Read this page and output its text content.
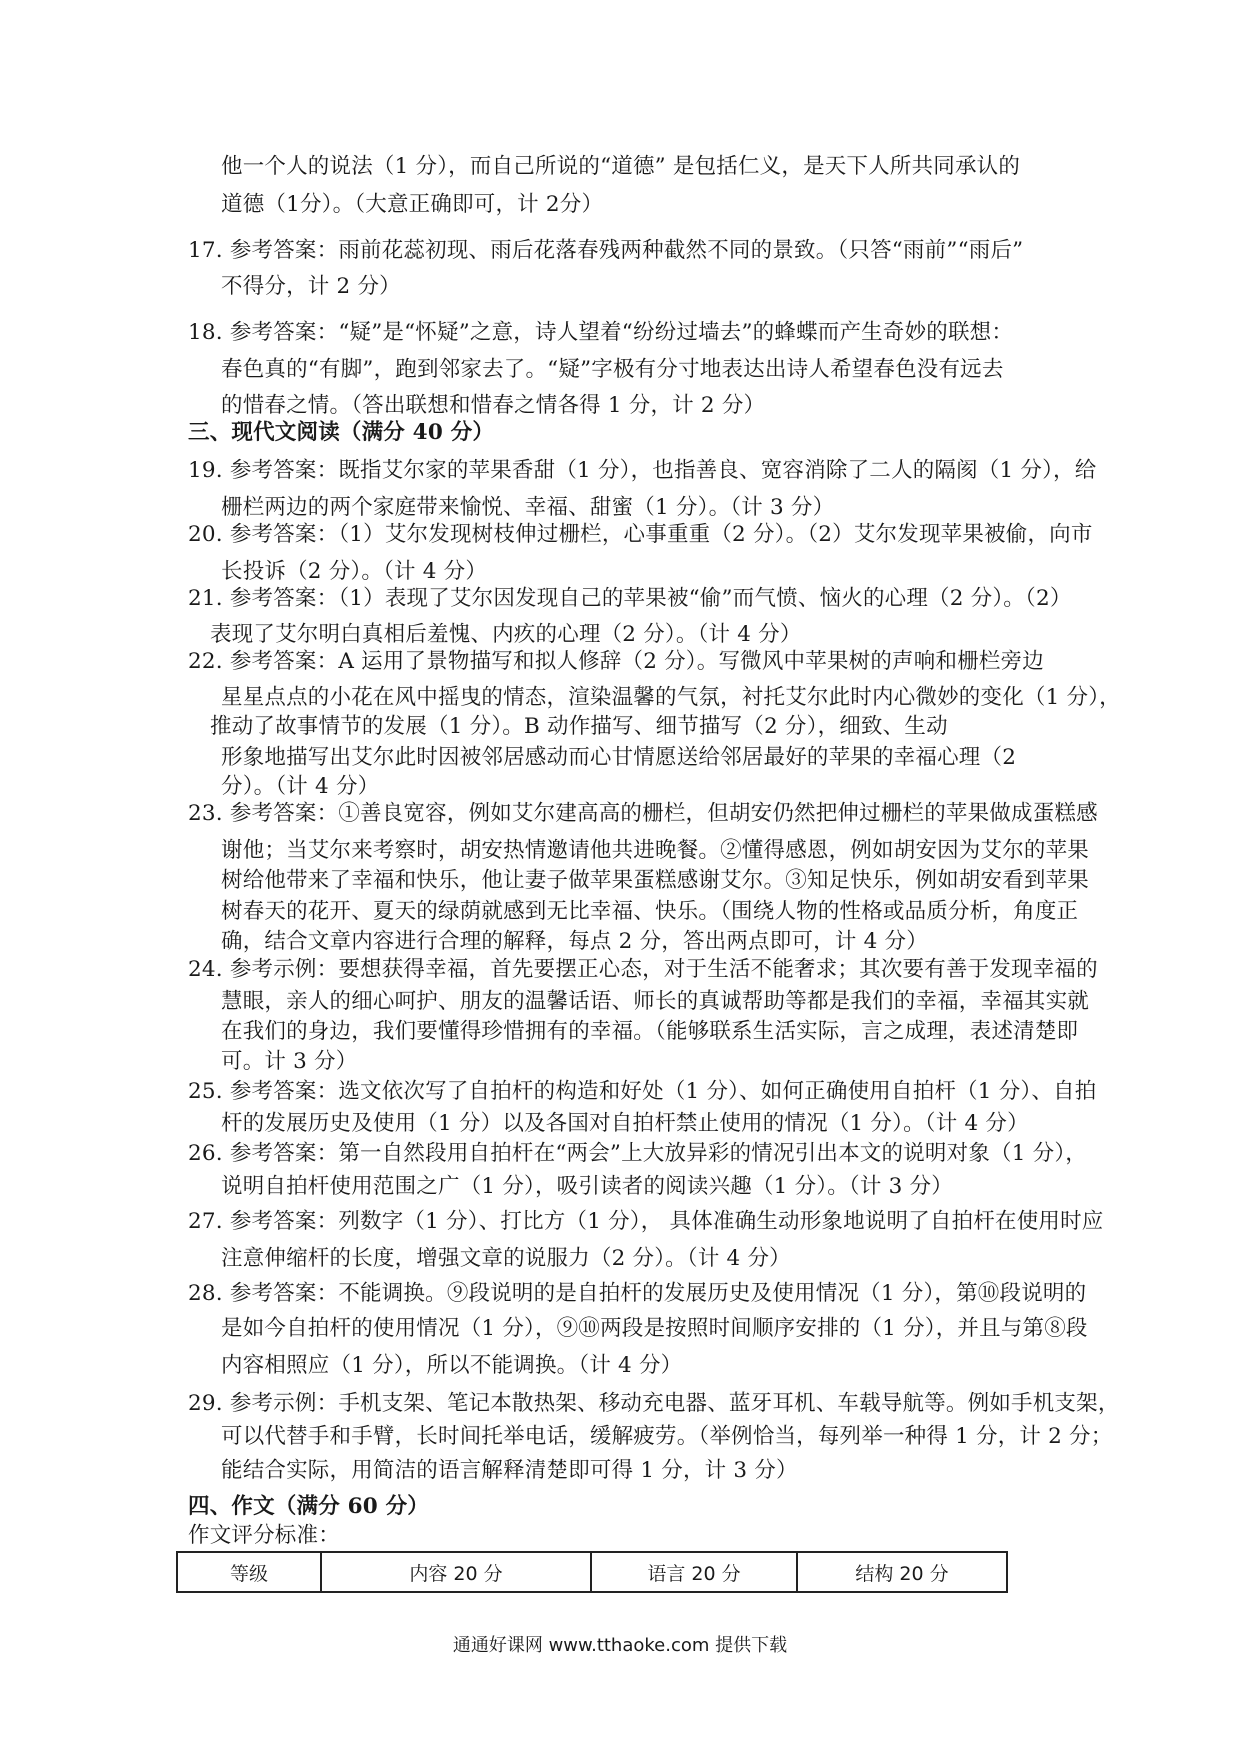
他一个人的说法（1 分），而自己所说的“道德” 是包括仁义，是天下人所共同承认的
道德（1分）。（大意正确即可，计 2分）
17. 参考答案：雨前花蕊初现、雨后花落春残两种截然不同的景致。（只答“雨前”“雨后”
不得分，计 2 分）
18. 参考答案：“疑”是“怀疑”之意，诗人望着“纷纷过墙去”的蜂蝶而产生奇妙的联想：
春色真的“有脚”，跑到邻家去了。“疑”字极有分寸地表达出诗人希望春色没有远去
的惜春之情。（答出联想和惜春之情各得 1 分，计 2 分）
三、现代文阅读（满分 40 分）
19. 参考答案：既指艾尔家的苹果香甜（1 分），也指善良、宽容消除了二人的隔阂（1 分），给
栅栏两边的两个家庭带来愉悦、幸福、甜蜜（1 分）。（计 3 分）
20. 参考答案：（1）艾尔发现树枝伸过栅栏，心事重重（2 分）。（2）艾尔发现苹果被偷，向市
长投诉（2 分）。（计 4 分）
21. 参考答案：（1）表现了艾尔因发现自己的苹果被“偷”而气愤、恼火的心理（2 分）。（2）
表现了艾尔明白真相后羞愧、内疚的心理（2 分）。（计 4 分）
22. 参考答案：A 运用了景物描写和拟人修辞（2 分）。写微风中苹果树的声响和栅栏旁边
星星点点的小花在风中摇曳的情态，渲染温馨的气氛，衬托艾尔此时内心微妙的变化（1 分），
推动了故事情节的发展（1 分）。B 动作描写、细节描写（2 分），细致、生动
形象地描写出艾尔此时因被邻居感动而心甘情愿送给邻居最好的苹果的幸福心理（2
分）。（计 4 分）
23. 参考答案：①善良宽容，例如艾尔建高高的栅栏，但胡安仍然把伸过栅栏的苹果做成蛋糕感
谢他；当艾尔来考察时，胡安热情邀请他共进晚餐。②懂得感恩，例如胡安因为艾尔的苹果
树给他带来了幸福和快乐，他让妻子做苹果蛋糕感谢艾尔。③知足快乐，例如胡安看到苹果
树春天的花开、夏天的绿荫就感到无比幸福、快乐。（围绕人物的性格或品质分析，角度正
确，结合文章内容进行合理的解释，每点 2 分，答出两点即可，计 4 分）
24. 参考示例：要想获得幸福，首先要摆正心态，对于生活不能奢求；其次要有善于发现幸福的
慧眼，亲人的细心呵护、朋友的温馨话语、师长的真诚帮助等都是我们的幸福，幸福其实就
在我们的身边，我们要懂得珍惜拥有的幸福。（能够联系生活实际，言之成理，表述清楚即
可。计 3 分）
25. 参考答案：选文依次写了自拍杆的构造和好处（1 分）、如何正确使用自拍杆（1 分）、自拍
杆的发展历史及使用（1 分）以及各国对自拍杆禁止使用的情况（1 分）。（计 4 分）
26. 参考答案：第一自然段用自拍杆在“两会”上大放异彩的情况引出本文的说明对象（1 分），
说明自拍杆使用范围之广（1 分），吸引读者的阅读兴趣（1 分）。（计 3 分）
27. 参考答案：列数字（1 分）、打比方（1 分）， 具体准确生动形象地说明了自拍杆在使用时应
注意伸缩杆的长度，增强文章的说服力（2 分）。（计 4 分）
28. 参考答案：不能调换。⑨段说明的是自拍杆的发展历史及使用情况（1 分），第⑩段说明的
是如今自拍杆的使用情况（1 分），⑨⑩两段是按照时间顺序安排的（1 分），并且与第⑧段
内容相照应（1 分），所以不能调换。（计 4 分）
29. 参考示例：手机支架、笔记本散热架、移动充电器、蓝牙耳机、车载导航等。例如手机支架，
可以代替手和手臂，长时间托举电话，缓解疲劳。（举例恰当，每列举一种得 1 分，计 2 分；
能结合实际，用简洁的语言解释清楚即可得 1 分，计 3 分）
四、作文（满分 60 分）
作文评分标准：
等级	内容 20 分	语言 20 分	结构 20 分
通通好课网 www.tthaoke.com 提供下载
